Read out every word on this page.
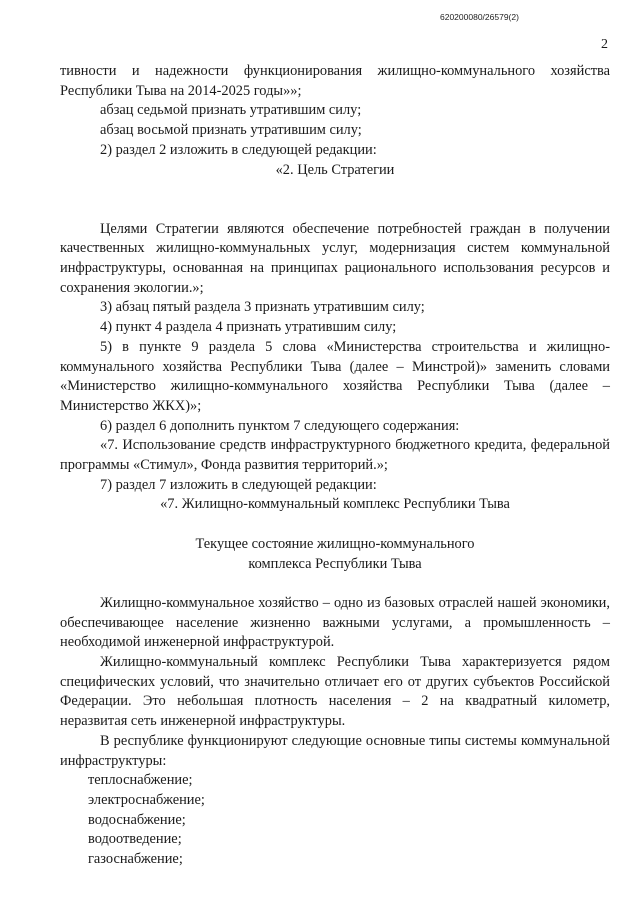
620200080/26579(2)
2

тивности и надежности функционирования жилищно-коммунального хозяйства Республики Тыва на 2014-2025 годы»»;

абзац седьмой признать утратившим силу;

абзац восьмой признать утратившим силу;

2) раздел 2 изложить в следующей редакции:

«2. Цель Стратегии

Целями Стратегии являются обеспечение потребностей граждан в получении качественных жилищно-коммунальных услуг, модернизация систем коммунальной инфраструктуры, основанная на принципах рационального использования ресурсов и сохранения экологии.»;

3) абзац пятый раздела 3 признать утратившим силу;

4) пункт 4 раздела 4 признать утратившим силу;

5) в пункте 9 раздела 5 слова «Министерства строительства и жилищно-коммунального хозяйства Республики Тыва (далее – Минстрой)» заменить словами «Министерство жилищно-коммунального хозяйства Республики Тыва (далее – Министерство ЖКХ)»;

6) раздел 6 дополнить пунктом 7 следующего содержания:

«7. Использование средств инфраструктурного бюджетного кредита, федеральной программы «Стимул», Фонда развития территорий.»;

7) раздел 7 изложить в следующей редакции:

«7. Жилищно-коммунальный комплекс Республики Тыва

Текущее состояние жилищно-коммунального

комплекса Республики Тыва

Жилищно-коммунальное хозяйство – одно из базовых отраслей нашей экономики, обеспечивающее население жизненно важными услугами, а промышленность – необходимой инженерной инфраструктурой.

Жилищно-коммунальный комплекс Республики Тыва характеризуется рядом специфических условий, что значительно отличает его от других субъектов Российской Федерации. Это небольшая плотность населения – 2 на квадратный километр, неразвитая сеть инженерной инфраструктуры.

В республике функционируют следующие основные типы системы коммунальной инфраструктуры:

теплоснабжение;

электроснабжение;

водоснабжение;

водоотведение;

газоснабжение;
